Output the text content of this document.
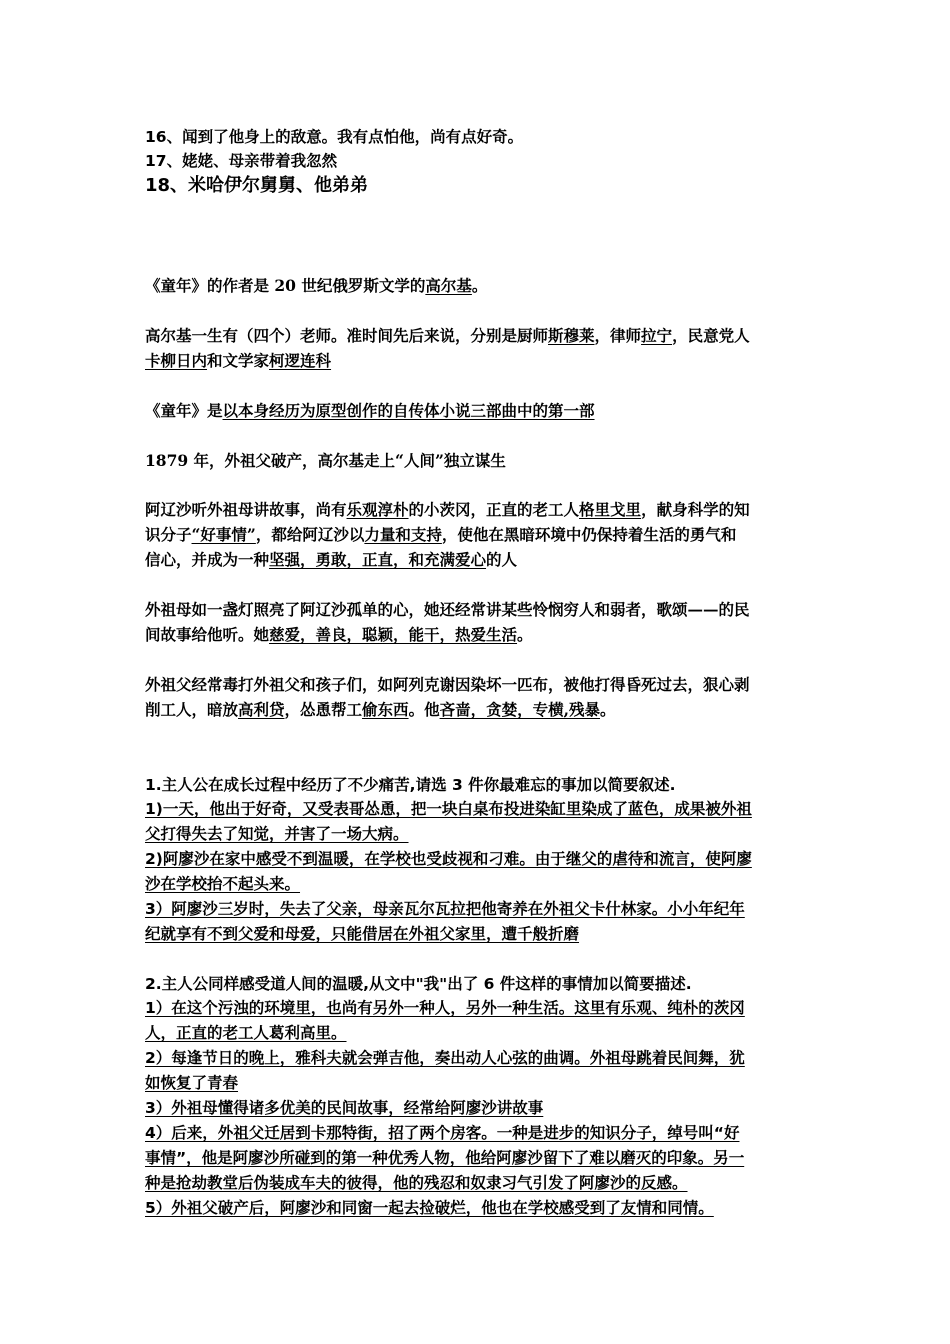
16、闻到了他身上的敌意。我有点怕他，尚有点好奇。
17、姥姥、母亲带着我忽然
18、米哈伊尔舅舅、他弟弟
《童年》的作者是 20 世纪俄罗斯文学的高尔基。
高尔基一生有（四个）老师。准时间先后来说，分别是厨师斯穆莱，律师拉宁，民意党人
卡柳日内和文学家柯逻连科
《童年》是以本身经历为原型创作的自传体小说三部曲中的第一部
1879 年，外祖父破产，高尔基走上“人间”独立谋生
阿辽沙听外祖母讲故事，尚有乐观淳朴的小茨冈，正直的老工人格里戈里，献身科学的知
识分子“好事情”，都给阿辽沙以力量和支持，使他在黑暗环境中仍保持着生活的勇气和
信心，并成为一种坚强，勇敢，正直，和充满爱心的人
外祖母如一盏灯照亮了阿辽沙孤单的心，她还经常讲某些怜悯穷人和弱者，歌颂——的民
间故事给他听。她慈爱，善良，聪颖，能干，热爱生活。
外祖父经常毒打外祖父和孩子们，如阿列克谢因染坏一匹布，被他打得昏死过去，狠心剥
削工人，暗放高利贷，怂恿帮工偷东西。他吝啬，贪婪，专横,残暴。
1.主人公在成长过程中经历了不少痛苦,请选 3 件你最难忘的事加以简要叙述.
1)一天，他出于好奇，又受表哥怂恿，把一块白桌布投进染缸里染成了蓝色，成果被外祖
父打得失去了知觉，并害了一场大病。
2)阿廖沙在家中感受不到温暖，在学校也受歧视和刁难。由于继父的虐待和流言，使阿廖
沙在学校抬不起头来。
3）阿廖沙三岁时，失去了父亲，母亲瓦尔瓦拉把他寄养在外祖父卡什林家。小小年纪年
纪就享有不到父爱和母爱，只能借居在外祖父家里，遭千般折磨
2.主人公同样感受道人间的温暖,从文中"我"出了 6 件这样的事情加以简要描述.
1）在这个污浊的环境里，也尚有另外一种人，另外一种生活。这里有乐观、纯朴的茨冈
人，正直的老工人葛利高里。
2）每逢节日的晚上，雅科夫就会弹吉他，奏出动人心弦的曲调。外祖母跳着民间舞，犹
如恢复了青春
3）外祖母懂得诸多优美的民间故事，经常给阿廖沙讲故事
4）后来，外祖父迁居到卡那特街，招了两个房客。一种是进步的知识分子，绰号叫“好
事情”，他是阿廖沙所碰到的第一种优秀人物，他给阿廖沙留下了难以磨灭的印象。另一
种是抢劫教堂后伪装成车夫的彼得，他的残忍和奴隶习气引发了阿廖沙的反感。
5）外祖父破产后，阿廖沙和同窗一起去捡破烂，他也在学校感受到了友情和同情。
